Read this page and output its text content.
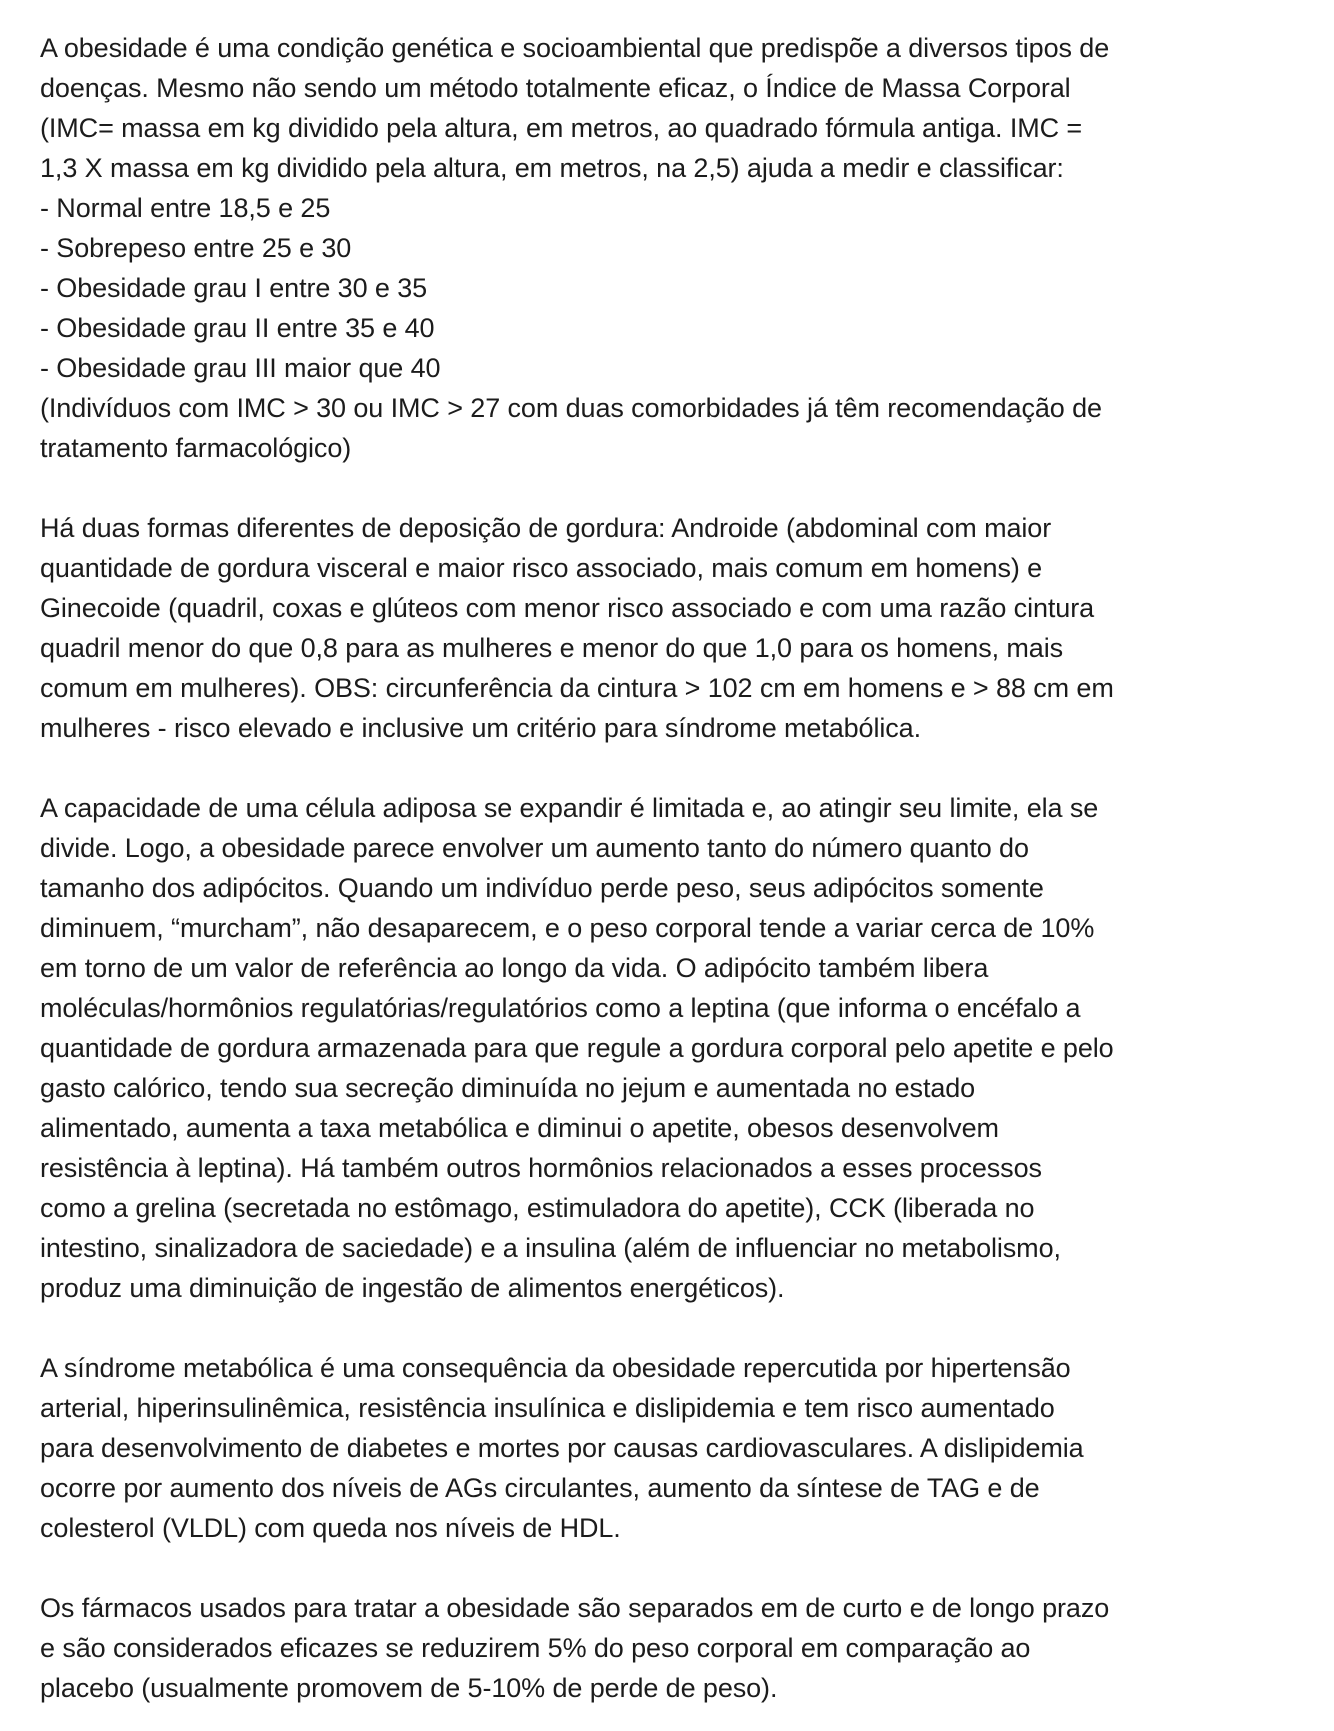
A obesidade é uma condição genética e socioambiental que predispõe a diversos tipos de
doenças. Mesmo não sendo um método totalmente eficaz, o Índice de Massa Corporal
(IMC= massa em kg dividido pela altura, em metros, ao quadrado fórmula antiga. IMC =
1,3 X massa em kg dividido pela altura, em metros, na 2,5) ajuda a medir e classificar:
- Normal entre 18,5 e 25
- Sobrepeso entre 25 e 30
- Obesidade grau I entre 30 e 35
- Obesidade grau II entre 35 e 40
- Obesidade grau III maior que 40
(Indivíduos com IMC > 30 ou IMC > 27 com duas comorbidades já têm recomendação de
tratamento farmacológico)
Há duas formas diferentes de deposição de gordura: Androide (abdominal com maior
quantidade de gordura visceral e maior risco associado, mais comum em homens) e
Ginecoide (quadril, coxas e glúteos com menor risco associado e com uma razão cintura
quadril menor do que 0,8 para as mulheres e menor do que 1,0 para os homens, mais
comum em mulheres). OBS: circunferência da cintura > 102 cm em homens e > 88 cm em
mulheres - risco elevado e inclusive um critério para síndrome metabólica.
A capacidade de uma célula adiposa se expandir é limitada e, ao atingir seu limite, ela se
divide. Logo, a obesidade parece envolver um aumento tanto do número quanto do
tamanho dos adipócitos. Quando um indivíduo perde peso, seus adipócitos somente
diminuem, “murcham”, não desaparecem, e o peso corporal tende a variar cerca de 10%
em torno de um valor de referência ao longo da vida. O adipócito também libera
moléculas/hormônios regulatórias/regulatórios como a leptina (que informa o encéfalo a
quantidade de gordura armazenada para que regule a gordura corporal pelo apetite e pelo
gasto calórico, tendo sua secreção diminuída no jejum e aumentada no estado
alimentado, aumenta a taxa metabólica e diminui o apetite, obesos desenvolvem
resistência à leptina). Há também outros hormônios relacionados a esses processos
como a grelina (secretada no estômago, estimuladora do apetite), CCK (liberada no
intestino, sinalizadora de saciedade) e a insulina (além de influenciar no metabolismo,
produz uma diminuição de ingestão de alimentos energéticos).
A síndrome metabólica é uma consequência da obesidade repercutida por hipertensão
arterial, hiperinsulinêmica, resistência insulínica e dislipidemia e tem risco aumentado
para desenvolvimento de diabetes e mortes por causas cardiovasculares. A dislipidemia
ocorre por aumento dos níveis de AGs circulantes, aumento da síntese de TAG e de
colesterol (VLDL) com queda nos níveis de HDL.
Os fármacos usados para tratar a obesidade são separados em de curto e de longo prazo
e são considerados eficazes se reduzirem 5% do peso corporal em comparação ao
placebo (usualmente promovem de 5-10% de perde de peso).
